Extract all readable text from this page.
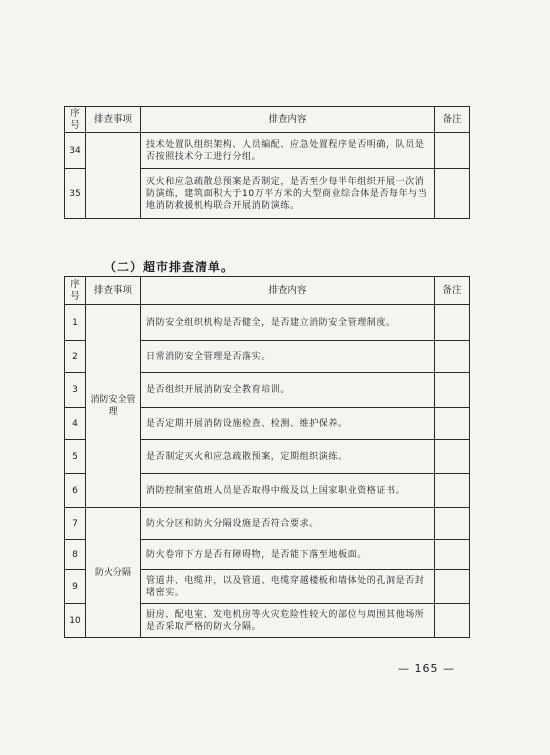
序号	排查事项	排查内容	备注
34		技术处置队组织架构、人员编配、应急处置程序是否明确，队员是否按照技术分工进行分组。	
35		灭火和应急疏散总预案是否制定，是否至少每半年组织开展一次消防演练，建筑面积大于10万平方米的大型商业综合体是否每年与当地消防救援机构联合开展消防演练。	
（二）超市排查清单。
序号	排查事项	排查内容	备注
1	消防安全管理	消防安全组织机构是否健全，是否建立消防安全管理制度。	
2		日常消防安全管理是否落实。	
3		是否组织开展消防安全教育培训。	
4		是否定期开展消防设施检查、检测、维护保养。	
5		是否制定灭火和应急疏散预案，定期组织演练。	
6		消防控制室值班人员是否取得中级及以上国家职业资格证书。	
7	防火分隔	防火分区和防火分隔设施是否符合要求。	
8		防火卷帘下方是否有障碍物，是否能下落至地板面。	
9		管道井、电缆井，以及管道、电缆穿越楼板和墙体处的孔洞是否封堵密实。	
10		厨房、配电室、发电机房等火灾危险性较大的部位与周围其他场所是否采取严格的防火分隔。	
— 165 —
